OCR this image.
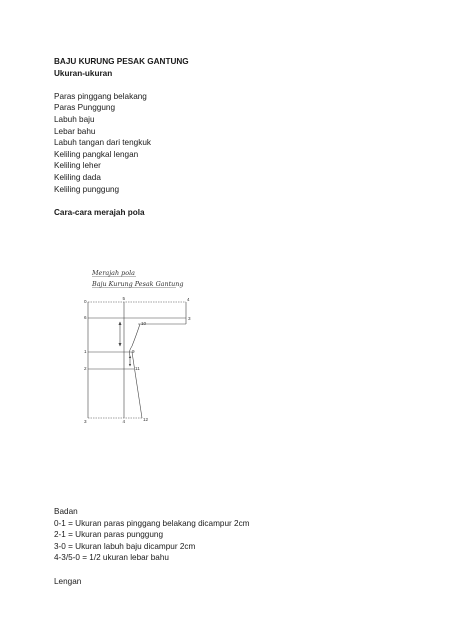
BAJU KURUNG PESAK GANTUNG
Ukuran-ukuran
Paras pinggang belakang
Paras Punggung
Labuh baju
Lebar bahu
Labuh tangan dari tengkuk
Keliling pangkal lengan
Keliling leher
Keliling dada
Keliling punggung
Cara-cara merajah pola
Merajah pola
Baju Kurung Pesak Gantung
0
5	4
6	3
10
1	9
2	11
3	4	12
Badan
0-1 = Ukuran paras pinggang belakang dicampur 2cm
2-1 = Ukuran paras punggung
3-0 = Ukuran labuh baju dicampur 2cm
4-3/5-0 = 1/2 ukuran lebar bahu
Lengan
